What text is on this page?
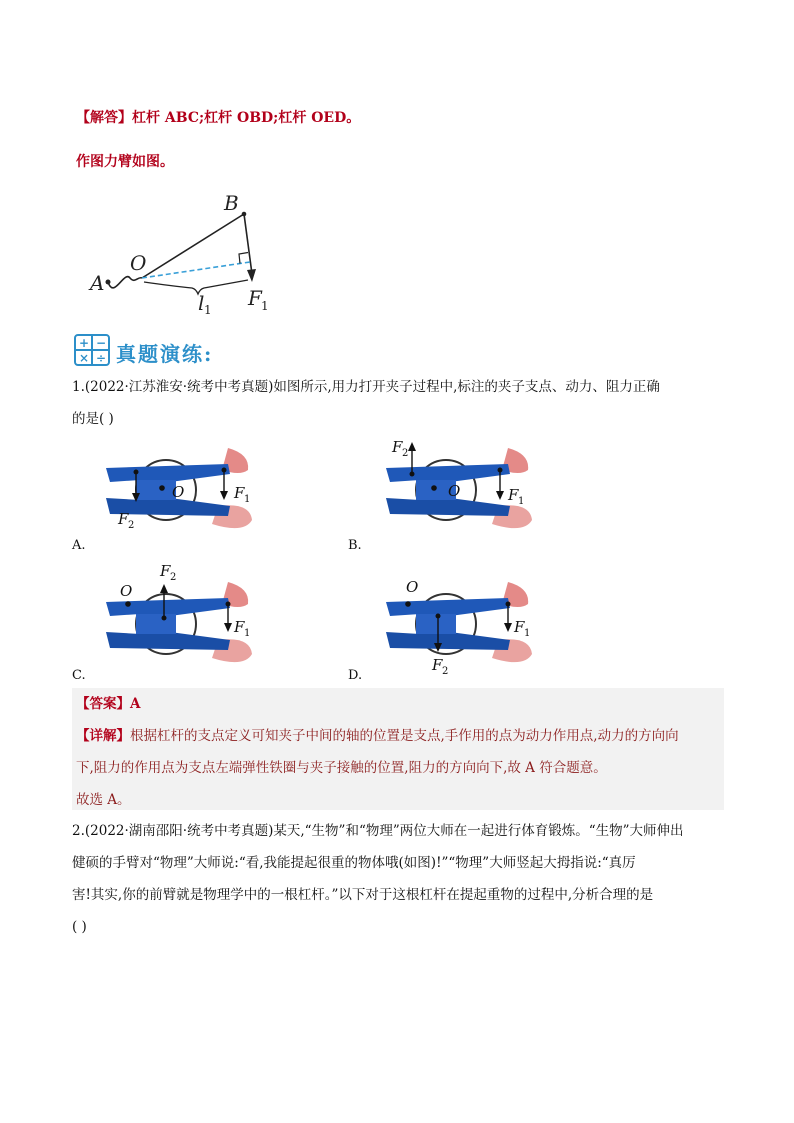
【解答】杠杆 ABC;杠杆 OBD;杠杆 OED。
作图力臂如图。
A
O
B
l 1 F 1
+ −
× ÷ 真题演练:
1.(2022·江苏淮安·统考中考真题)如图所示,用力打开夹子过程中,标注的夹子支点、动力、阻力正确
的是( )
O	F 1
F 2
A.
O	F 1
F 2
B.
O
F 1
F 2
C.
O
F 1
F 2
D.
【答案】A
【详解】根据杠杆的支点定义可知夹子中间的轴的位置是支点,手作用的点为动力作用点,动力的方向向
下,阻力的作用点为支点左端弹性铁圈与夹子接触的位置,阻力的方向向下,故 A 符合题意。
故选 A。
2.(2022·湖南邵阳·统考中考真题)某天,“生物”和“物理”两位大师在一起进行体育锻炼。“生物”大师伸出
健硕的手臂对“物理”大师说:“看,我能提起很重的物体哦(如图)!”“物理”大师竖起大拇指说:“真厉
害!其实,你的前臂就是物理学中的一根杠杆。”以下对于这根杠杆在提起重物的过程中,分析合理的是
( )
